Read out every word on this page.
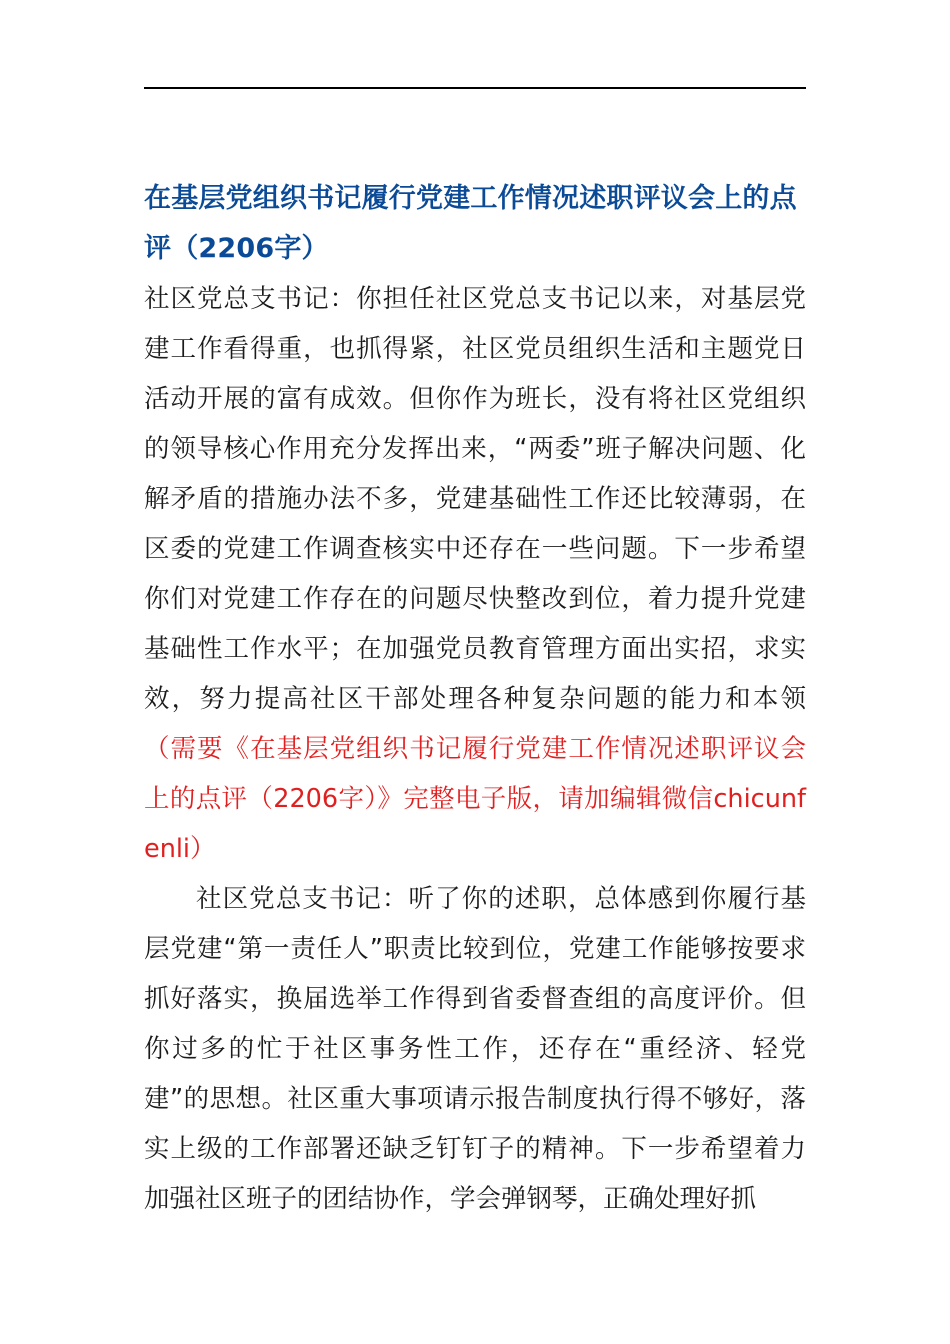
在基层党组织书记履行党建工作情况述职评议会上的点评（2206字）

社区党总支书记：你担任社区党总支书记以来，对基层党建工作看得重，也抓得紧，社区党员组织生活和主题党日活动开展的富有成效。但你作为班长，没有将社区党组织的领导核心作用充分发挥出来，“两委”班子解决问题、化解矛盾的措施办法不多，党建基础性工作还比较薄弱，在区委的党建工作调查核实中还存在一些问题。下一步希望你们对党建工作存在的问题尽快整改到位，着力提升党建基础性工作水平；在加强党员教育管理方面出实招，求实效，努力提高社区干部处理各种复杂问题的能力和本领（需要《在基层党组织书记履行党建工作情况述职评议会上的点评（2206字）》完整电子版，请加编辑微信chicunfenli）

社区党总支书记：听了你的述职，总体感到你履行基层党建“第一责任人”职责比较到位，党建工作能够按要求抓好落实，换届选举工作得到省委督查组的高度评价。但你过多的忙于社区事务性工作，还存在“重经济、轻党建”的思想。社区重大事项请示报告制度执行得不够好，落实上级的工作部署还缺乏钉钉子的精神。下一步希望着力加强社区班子的团结协作，学会弹钢琴，正确处理好抓
